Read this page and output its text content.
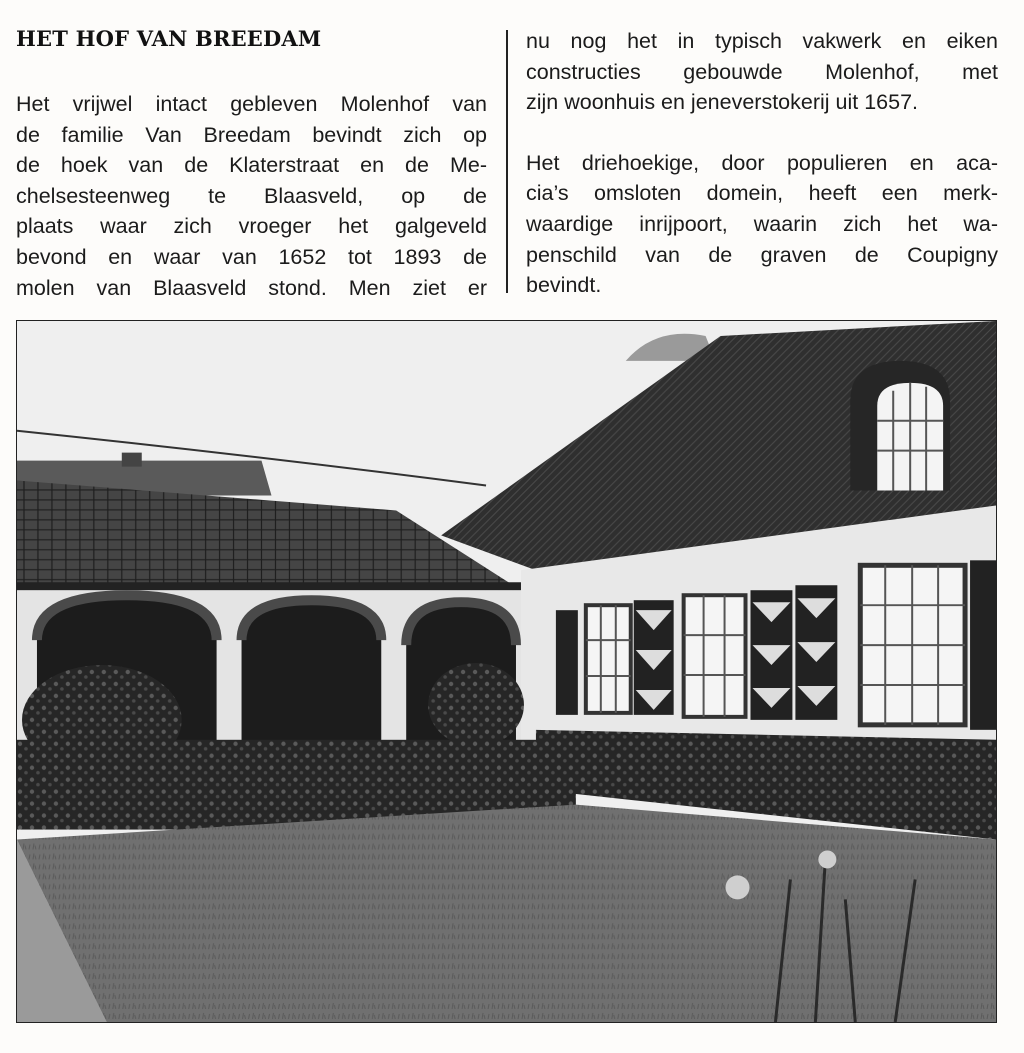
HET HOF VAN BREEDAM

Het vrijwel intact gebleven Molenhof van
de familie Van Breedam bevindt zich op
de hoek van de Klaterstraat en de Me-
chelsesteenweg te Blaasveld, op de
plaats waar zich vroeger het galgeveld
bevond en waar van 1652 tot 1893 de
molen van Blaasveld stond. Men ziet er

nu nog het in typisch vakwerk en eiken
constructies gebouwde Molenhof, met
zijn woonhuis en jeneverstokerij uit 1657.

Het driehoekige, door populieren en aca-
cia’s omsloten domein, heeft een merk-
waardige inrijpoort, waarin zich het wa-
penschild van de graven de Coupigny
bevindt.
